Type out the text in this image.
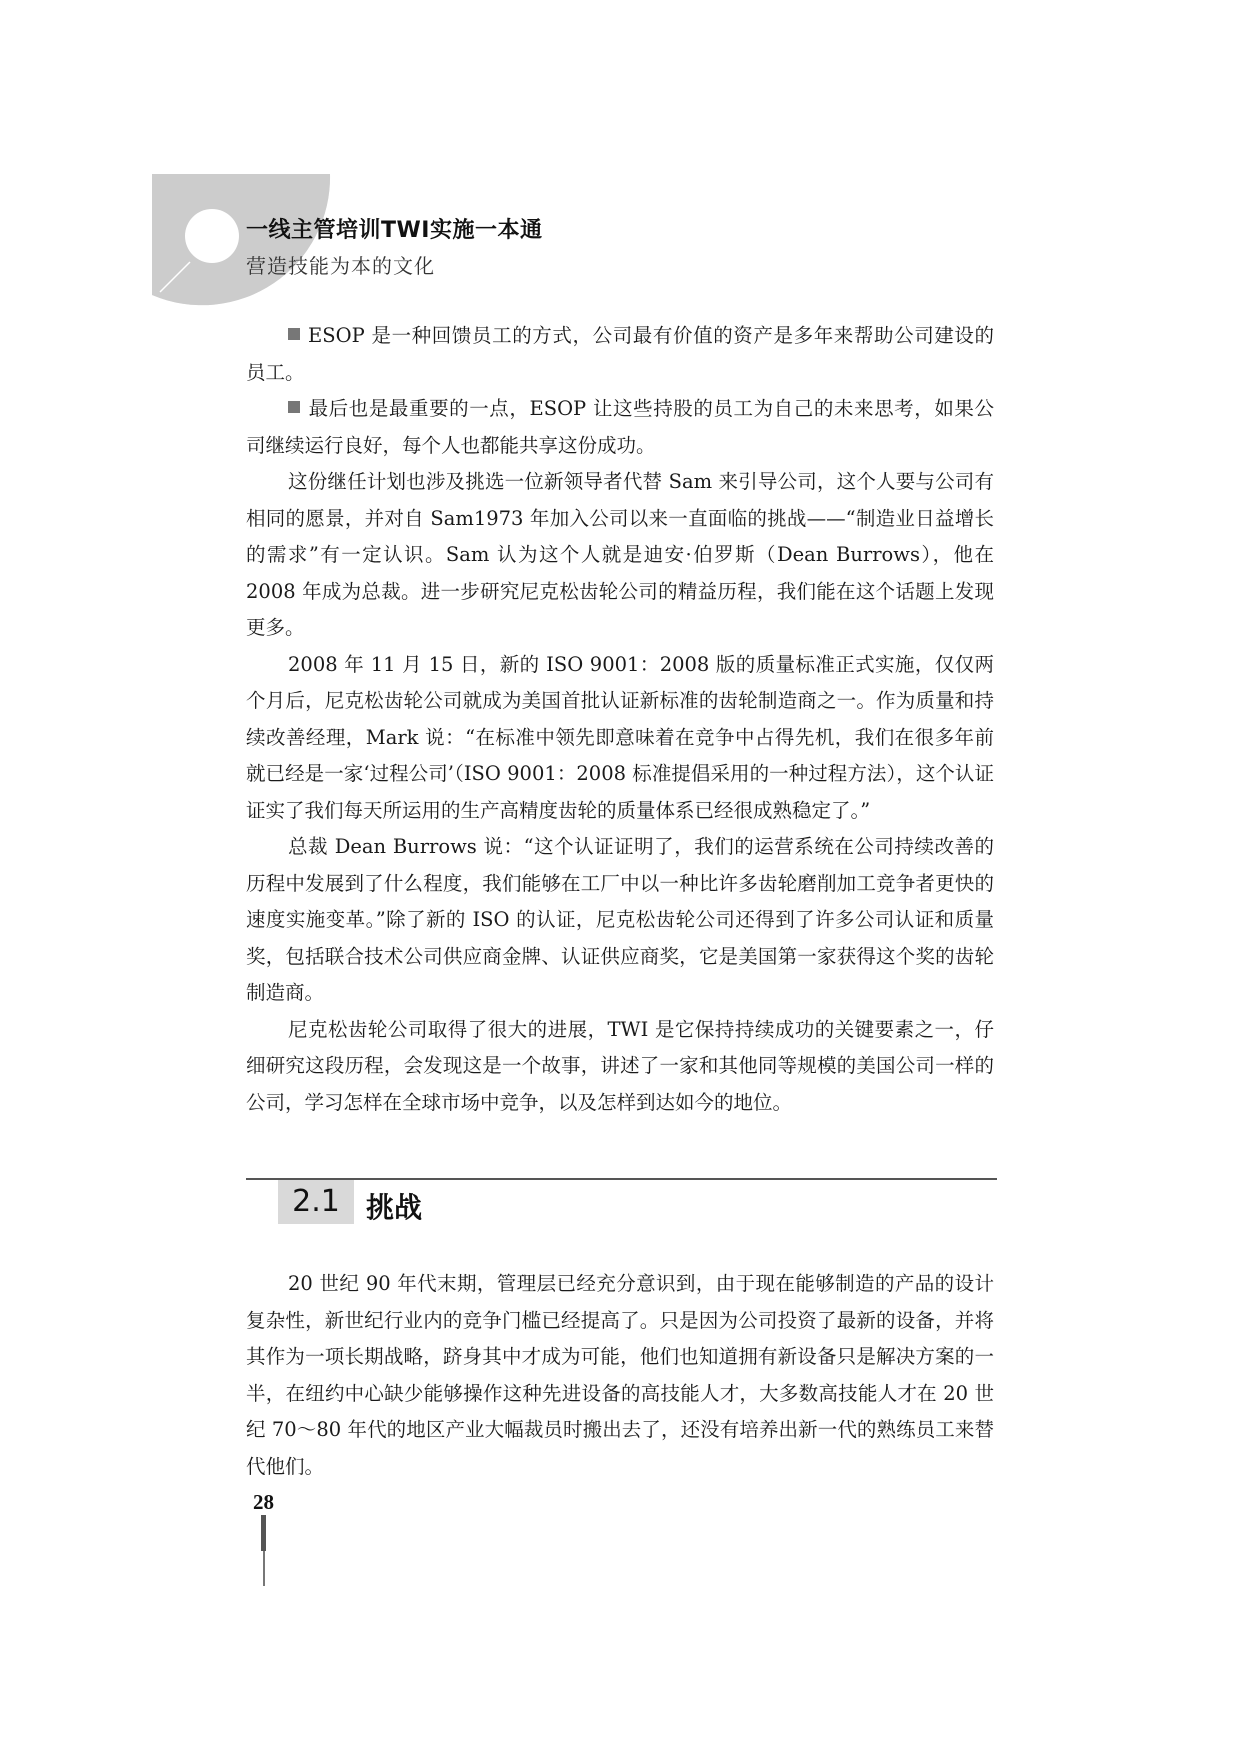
一线主管培训TWI实施一本通
营造技能为本的文化

ESOP 是一种回馈员工的方式，公司最有价值的资产是多年来帮助公司建设的员工。

最后也是最重要的一点，ESOP 让这些持股的员工为自己的未来思考，如果公司继续运行良好，每个人也都能共享这份成功。

这份继任计划也涉及挑选一位新领导者代替 Sam 来引导公司，这个人要与公司有相同的愿景，并对自 Sam1973 年加入公司以来一直面临的挑战——“制造业日益增长的需求”有一定认识。Sam 认为这个人就是迪安·伯罗斯（Dean Burrows），他在 2008 年成为总裁。进一步研究尼克松齿轮公司的精益历程，我们能在这个话题上发现更多。

2008 年 11 月 15 日，新的 ISO 9001：2008 版的质量标准正式实施，仅仅两个月后，尼克松齿轮公司就成为美国首批认证新标准的齿轮制造商之一。作为质量和持续改善经理，Mark 说：“在标准中领先即意味着在竞争中占得先机，我们在很多年前就已经是一家‘过程公司’（ISO 9001：2008 标准提倡采用的一种过程方法），这个认证证实了我们每天所运用的生产高精度齿轮的质量体系已经很成熟稳定了。”

总裁 Dean Burrows 说：“这个认证证明了，我们的运营系统在公司持续改善的历程中发展到了什么程度，我们能够在工厂中以一种比许多齿轮磨削加工竞争者更快的速度实施变革。”除了新的 ISO 的认证，尼克松齿轮公司还得到了许多公司认证和质量奖，包括联合技术公司供应商金牌、认证供应商奖，它是美国第一家获得这个奖的齿轮制造商。

尼克松齿轮公司取得了很大的进展，TWI 是它保持持续成功的关键要素之一，仔细研究这段历程，会发现这是一个故事，讲述了一家和其他同等规模的美国公司一样的公司，学习怎样在全球市场中竞争，以及怎样到达如今的地位。

2.1 挑战

20 世纪 90 年代末期，管理层已经充分意识到，由于现在能够制造的产品的设计复杂性，新世纪行业内的竞争门槛已经提高了。只是因为公司投资了最新的设备，并将其作为一项长期战略，跻身其中才成为可能，他们也知道拥有新设备只是解决方案的一半，在纽约中心缺少能够操作这种先进设备的高技能人才，大多数高技能人才在 20 世纪 70～80 年代的地区产业大幅裁员时搬出去了，还没有培养出新一代的熟练员工来替代他们。

28
